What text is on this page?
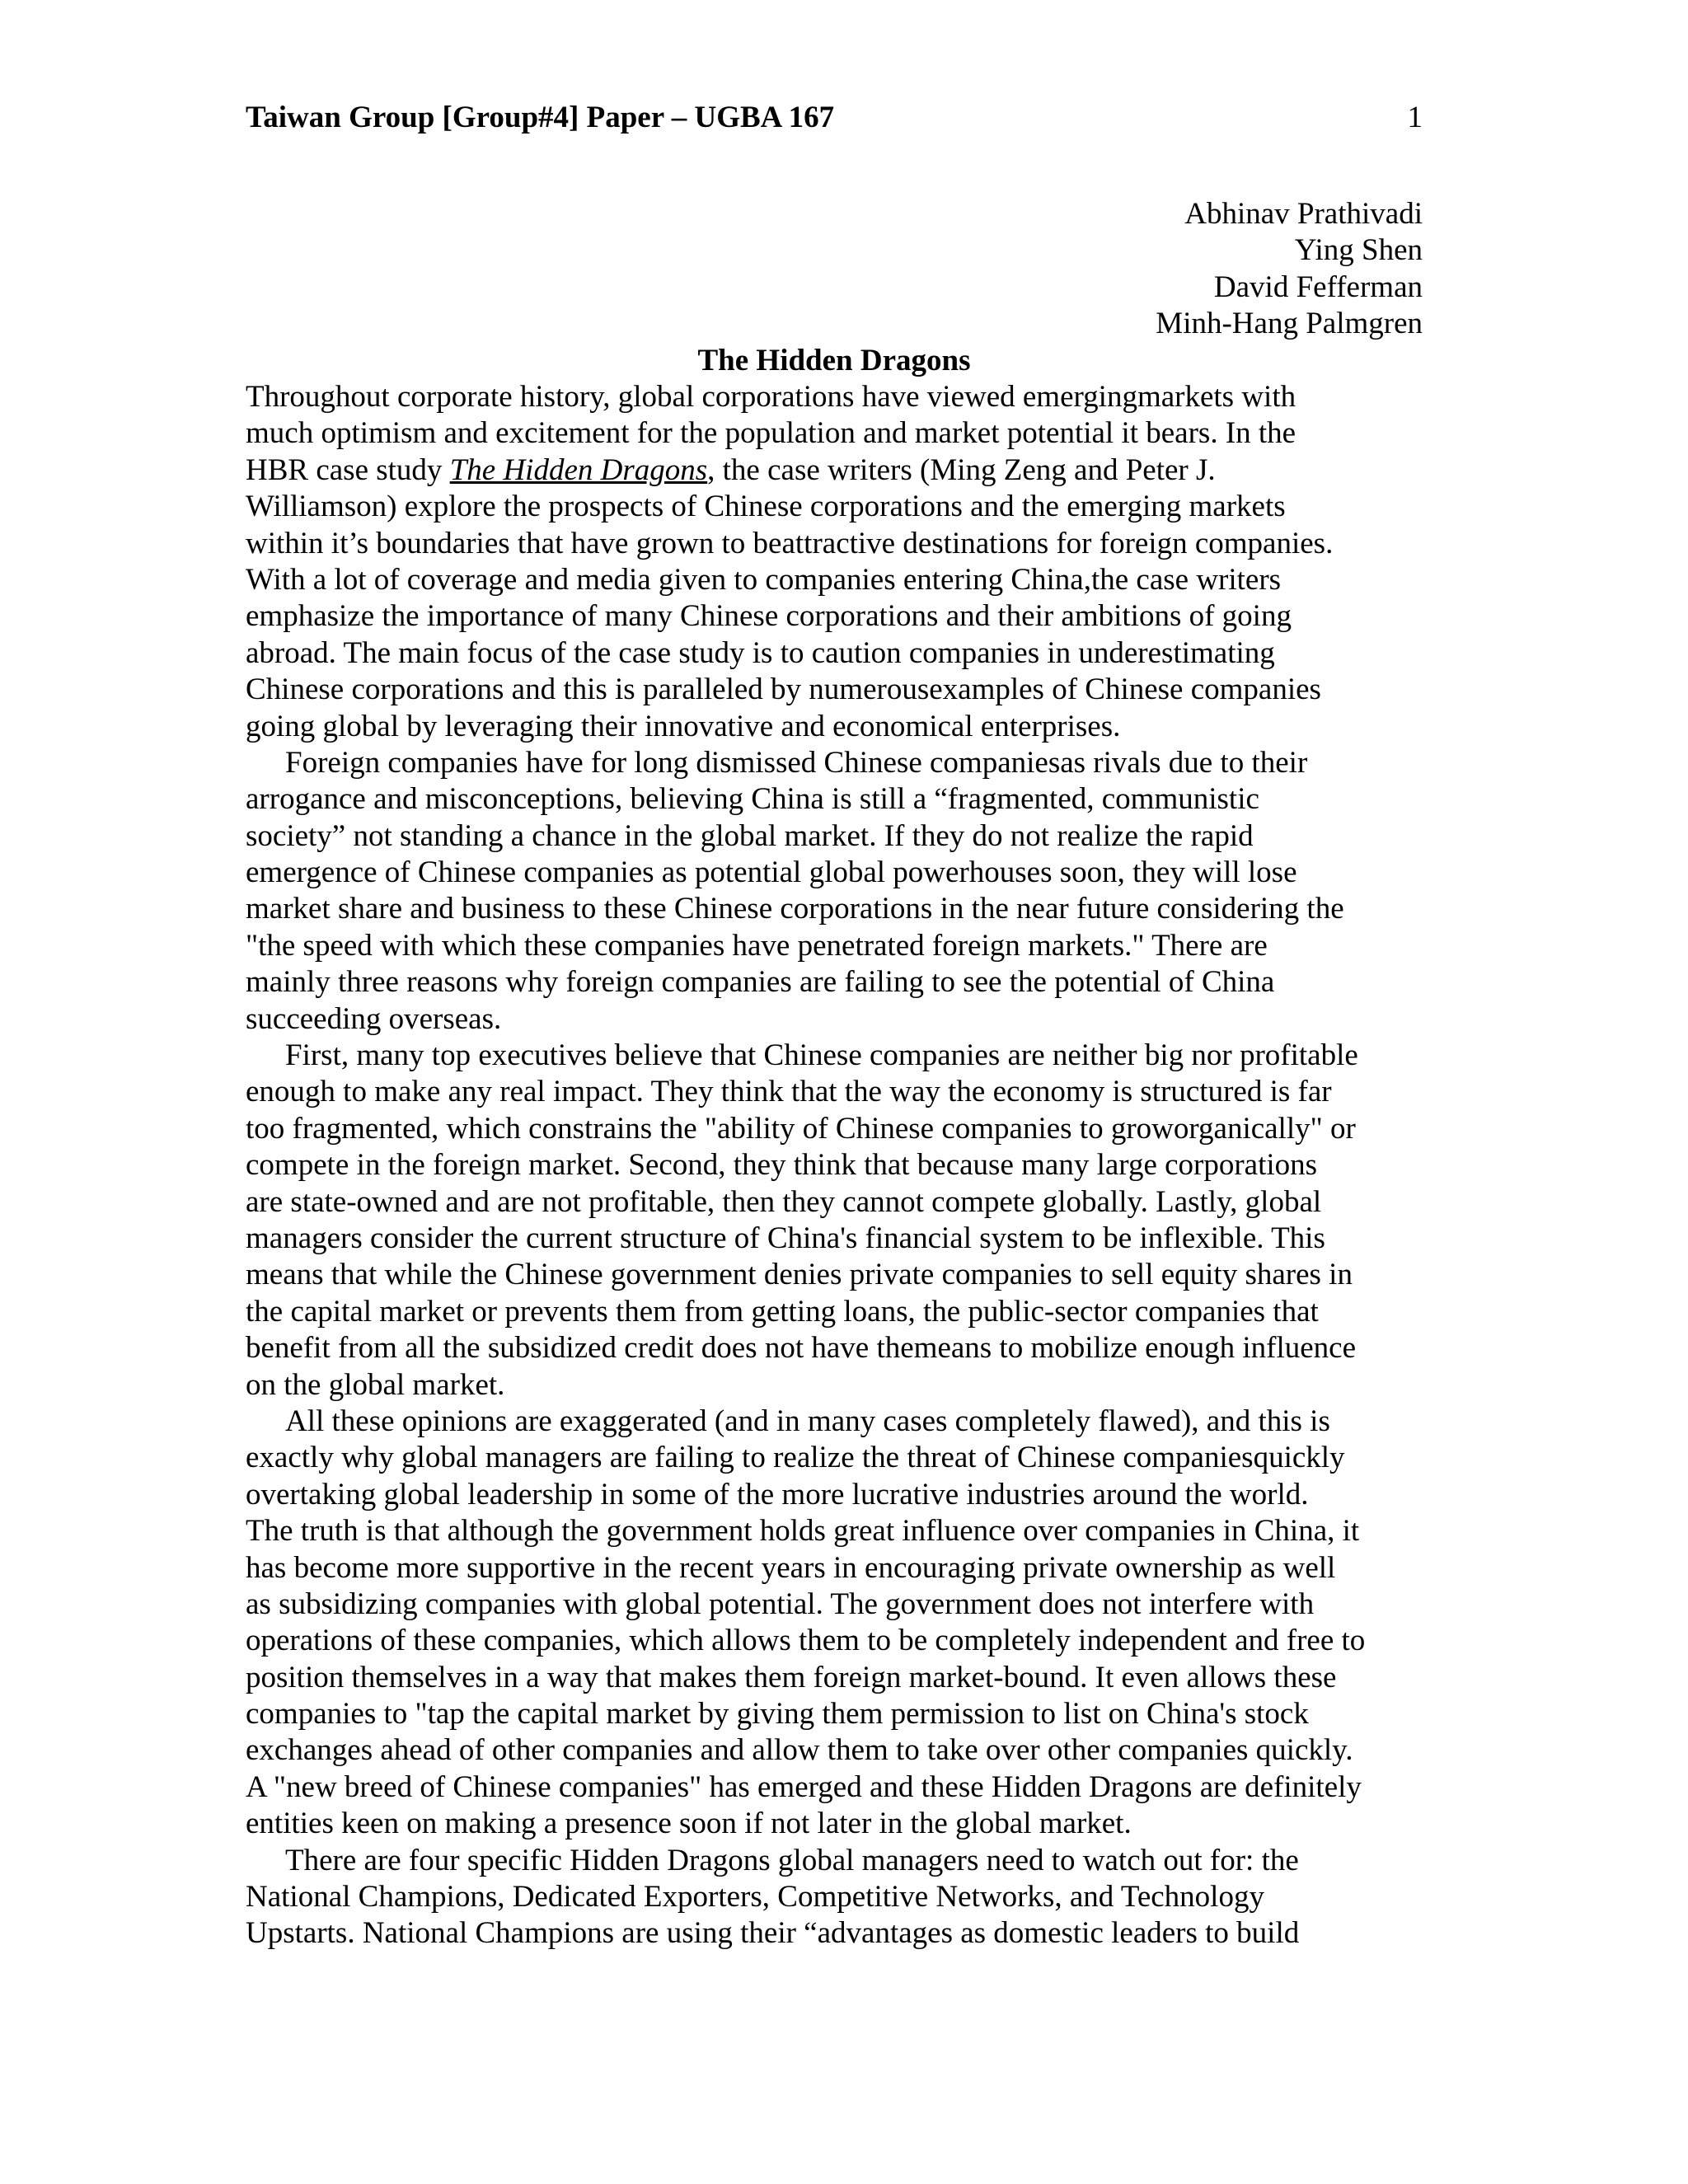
Taiwan Group [Group#4] Paper – UGBA 167	1
Abhinav Prathivadi
Ying Shen
David Fefferman
Minh-Hang Palmgren
The Hidden Dragons

Throughout corporate history, global corporations have viewed emergingmarkets with
much optimism and excitement for the population and market potential it bears. In the
HBR case study The Hidden Dragons, the case writers (Ming Zeng and Peter J.
Williamson) explore the prospects of Chinese corporations and the emerging markets
within it’s boundaries that have grown to beattractive destinations for foreign companies.
With a lot of coverage and media given to companies entering China,the case writers
emphasize the importance of many Chinese corporations and their ambitions of going
abroad. The main focus of the case study is to caution companies in underestimating
Chinese corporations and this is paralleled by numerousexamples of Chinese companies
going global by leveraging their innovative and economical enterprises.

Foreign companies have for long dismissed Chinese companiesas rivals due to their
arrogance and misconceptions, believing China is still a “fragmented, communistic
society” not standing a chance in the global market. If they do not realize the rapid
emergence of Chinese companies as potential global powerhouses soon, they will lose
market share and business to these Chinese corporations in the near future considering the
"the speed with which these companies have penetrated foreign markets." There are
mainly three reasons why foreign companies are failing to see the potential of China
succeeding overseas.

First, many top executives believe that Chinese companies are neither big nor profitable
enough to make any real impact. They think that the way the economy is structured is far
too fragmented, which constrains the "ability of Chinese companies to groworganically" or
compete in the foreign market. Second, they think that because many large corporations
are state-owned and are not profitable, then they cannot compete globally. Lastly, global
managers consider the current structure of China's financial system to be inflexible. This
means that while the Chinese government denies private companies to sell equity shares in
the capital market or prevents them from getting loans, the public-sector companies that
benefit from all the subsidized credit does not have themeans to mobilize enough influence
on the global market.

All these opinions are exaggerated (and in many cases completely flawed), and this is
exactly why global managers are failing to realize the threat of Chinese companiesquickly
overtaking global leadership in some of the more lucrative industries around the world.
The truth is that although the government holds great influence over companies in China, it
has become more supportive in the recent years in encouraging private ownership as well
as subsidizing companies with global potential. The government does not interfere with
operations of these companies, which allows them to be completely independent and free to
position themselves in a way that makes them foreign market-bound. It even allows these
companies to "tap the capital market by giving them permission to list on China's stock
exchanges ahead of other companies and allow them to take over other companies quickly.
A "new breed of Chinese companies" has emerged and these Hidden Dragons are definitely
entities keen on making a presence soon if not later in the global market.

There are four specific Hidden Dragons global managers need to watch out for: the
National Champions, Dedicated Exporters, Competitive Networks, and Technology
Upstarts. National Champions are using their “advantages as domestic leaders to build
